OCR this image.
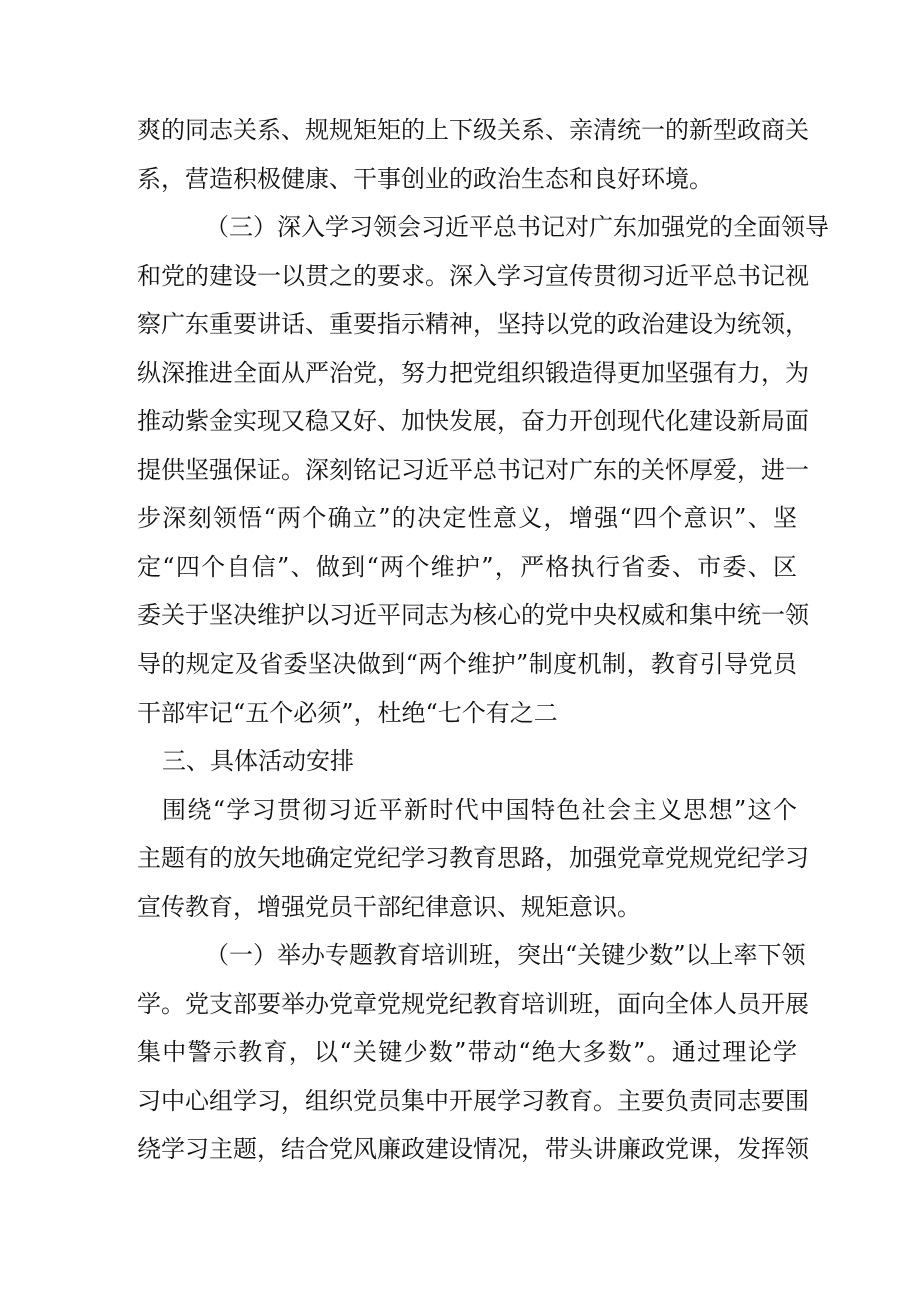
爽的同志关系、规规矩矩的上下级关系、亲清统一的新型政商关
系，营造积极健康、干事创业的政治生态和良好环境。
（三）深入学习领会习近平总书记对广东加强党的全面领导
和党的建设一以贯之的要求。深入学习宣传贯彻习近平总书记视
察广东重要讲话、重要指示精神，坚持以党的政治建设为统领，
纵深推进全面从严治党，努力把党组织锻造得更加坚强有力，为
推动紫金实现又稳又好、加快发展，奋力开创现代化建设新局面
提供坚强保证。深刻铭记习近平总书记对广东的关怀厚爱，进一
步深刻领悟“两个确立”的决定性意义，增强“四个意识”、坚
定“四个自信”、做到“两个维护”，严格执行省委、市委、区
委关于坚决维护以习近平同志为核心的党中央权威和集中统一领
导的规定及省委坚决做到“两个维护”制度机制，教育引导党员
干部牢记“五个必须”，杜绝“七个有之二
三、具体活动安排
围绕“学习贯彻习近平新时代中国特色社会主义思想”这个
主题有的放矢地确定党纪学习教育思路，加强党章党规党纪学习
宣传教育，增强党员干部纪律意识、规矩意识。
（一）举办专题教育培训班，突出“关键少数”以上率下领
学。党支部要举办党章党规党纪教育培训班，面向全体人员开展
集中警示教育，以“关键少数”带动“绝大多数”。通过理论学
习中心组学习，组织党员集中开展学习教育。主要负责同志要围
绕学习主题，结合党风廉政建设情况，带头讲廉政党课，发挥领
